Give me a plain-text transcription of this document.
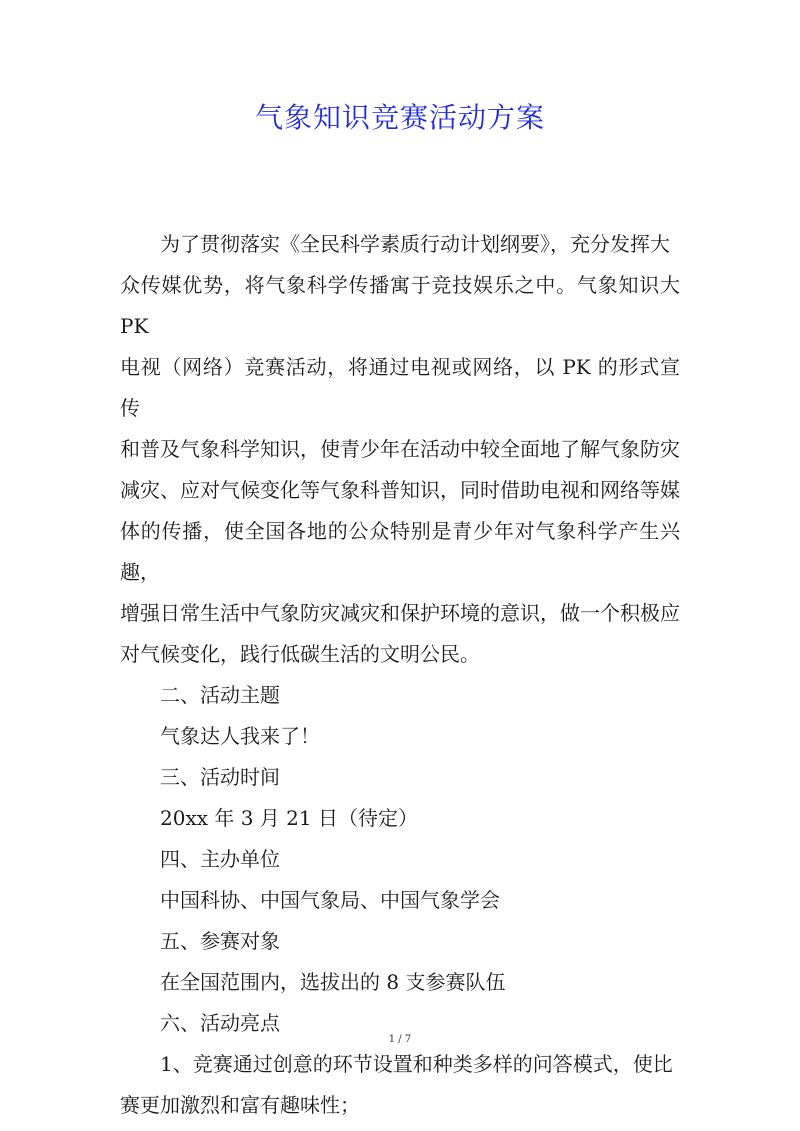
气象知识竞赛活动方案

为了贯彻落实《全民科学素质行动计划纲要》，充分发挥大

众传媒优势，将气象科学传播寓于竞技娱乐之中。气象知识大 PK

电视（网络）竞赛活动，将通过电视或网络，以 PK 的形式宣传

和普及气象科学知识，使青少年在活动中较全面地了解气象防灾

减灾、应对气候变化等气象科普知识，同时借助电视和网络等媒

体的传播，使全国各地的公众特别是青少年对气象科学产生兴趣，

增强日常生活中气象防灾减灾和保护环境的意识，做一个积极应

对气候变化，践行低碳生活的文明公民。

二、活动主题

气象达人我来了！

三、活动时间

20xx 年 3 月 21 日（待定）

四、主办单位

中国科协、中国气象局、中国气象学会

五、参赛对象

在全国范围内，选拔出的 8 支参赛队伍

六、活动亮点

1、竞赛通过创意的环节设置和种类多样的问答模式，使比

赛更加激烈和富有趣味性；

1 / 7
